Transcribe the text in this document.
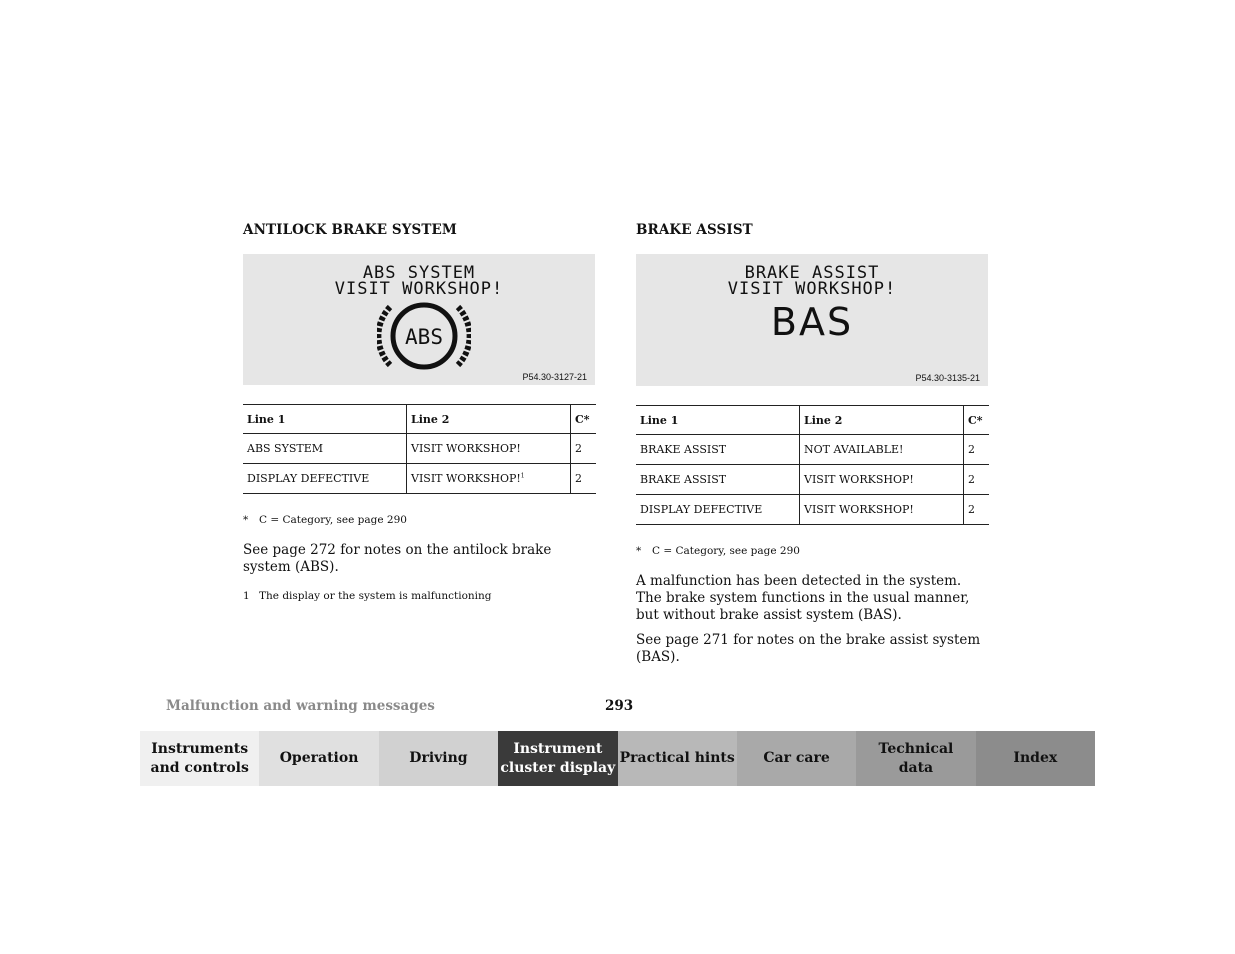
ANTILOCK BRAKE SYSTEM
ABS SYSTEM
VISIT WORKSHOP!
ABS
P54.30-3127-21
Line 1	Line 2	C*
ABS SYSTEM	VISIT WORKSHOP!	2
DISPLAY DEFECTIVE	VISIT WORKSHOP!$^1$	2
* C = Category, see page 290
See page 272 for notes on the antilock brake system (ABS).
1 The display or the system is malfunctioning
BRAKE ASSIST
BRAKE ASSIST
VISIT WORKSHOP!
BAS
P54.30-3135-21
Line 1	Line 2	C*
BRAKE ASSIST	NOT AVAILABLE!	2
BRAKE ASSIST	VISIT WORKSHOP!	2
DISPLAY DEFECTIVE	VISIT WORKSHOP!	2
* C = Category, see page 290
A malfunction has been detected in the system. The brake system functions in the usual manner, but without brake assist system (BAS).
See page 271 for notes on the brake assist system (BAS).
Malfunction and warning messages	293
Instruments
and controls
Operation	Driving
Instrument
cluster display
Practical hints Car care
Technical
data
Index
